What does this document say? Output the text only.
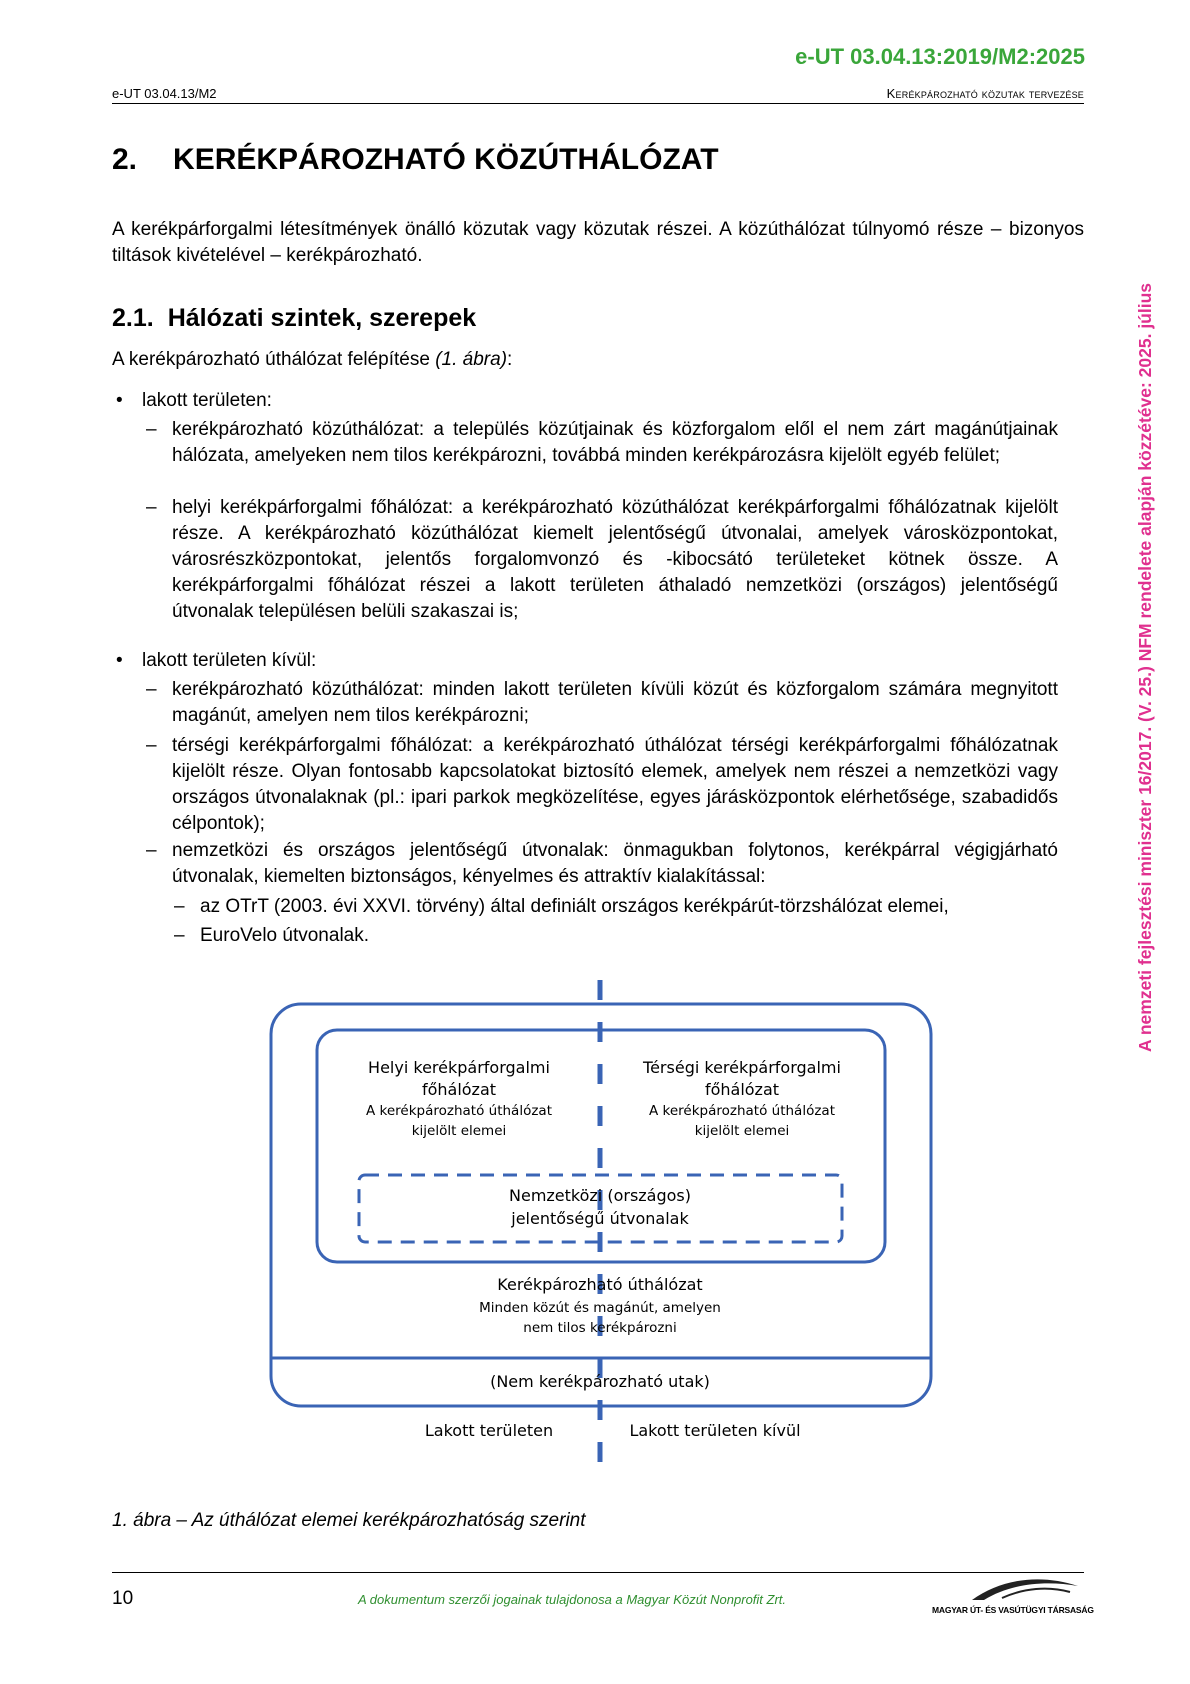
e-UT 03.04.13:2019/M2:2025
e-UT 03.04.13/M2	Kerékpározható közutak tervezése
A nemzeti fejlesztési miniszter 16/2017. (V. 25.) NFM rendelete alapján közzétéve: 2025. július
2. KERÉKPÁROZHATÓ KÖZÚTHÁLÓZAT
A kerékpárforgalmi létesítmények önálló közutak vagy közutak részei. A közúthálózat túlnyomó része – bizonyos tiltások kivételével – kerékpározható.
2.1. Hálózati szintek, szerepek
A kerékpározható úthálózat felépítése (1. ábra):
• lakott területen:
– kerékpározható közúthálózat: a település közútjainak és közforgalom elől el nem zárt magánútjainak hálózata, amelyeken nem tilos kerékpározni, továbbá minden kerékpározásra kijelölt egyéb felület;
– helyi kerékpárforgalmi főhálózat: a kerékpározható közúthálózat kerékpárforgalmi főhálózatnak kijelölt része. A kerékpározható közúthálózat kiemelt jelentőségű útvonalai, amelyek városközpontokat, városrészközpontokat, jelentős forgalomvonzó és -kibocsátó területeket kötnek össze. A kerékpárforgalmi főhálózat részei a lakott területen áthaladó nemzetközi (országos) jelentőségű útvonalak településen belüli szakaszai is;
• lakott területen kívül:
– kerékpározható közúthálózat: minden lakott területen kívüli közút és közforgalom számára megnyitott magánút, amelyen nem tilos kerékpározni;
– térségi kerékpárforgalmi főhálózat: a kerékpározható úthálózat térségi kerékpárforgalmi főhálózatnak kijelölt része. Olyan fontosabb kapcsolatokat biztosító elemek, amelyek nem részei a nemzetközi vagy országos útvonalaknak (pl.: ipari parkok megközelítése, egyes járásközpontok elérhetősége, szabadidős célpontok);
– nemzetközi és országos jelentőségű útvonalak: önmagukban folytonos, kerékpárral végigjárható útvonalak, kiemelten biztonságos, kényelmes és attraktív kialakítással:
– az OTrT (2003. évi XXVI. törvény) által definiált országos kerékpárút-törzshálózat elemei,
– EuroVelo útvonalak.
Helyi kerékpárforgalmi
főhálózat
A kerékpározható úthálózat
kijelölt elemei
Térségi kerékpárforgalmi
főhálózat
A kerékpározható úthálózat
kijelölt elemei
Nemzetközi (országos)
jelentőségű útvonalak
Kerékpározható úthálózat
Minden közút és magánút, amelyen
nem tilos kerékpározni
(Nem kerékpározható utak)
Lakott területen	Lakott területen kívül
1. ábra – Az úthálózat elemei kerékpározhatóság szerint
10	A dokumentum szerzői jogainak tulajdonosa a Magyar Közút Nonprofit Zrt.
MAGYAR ÚT- ÉS VASÚTÜGYI TÁRSASÁG
